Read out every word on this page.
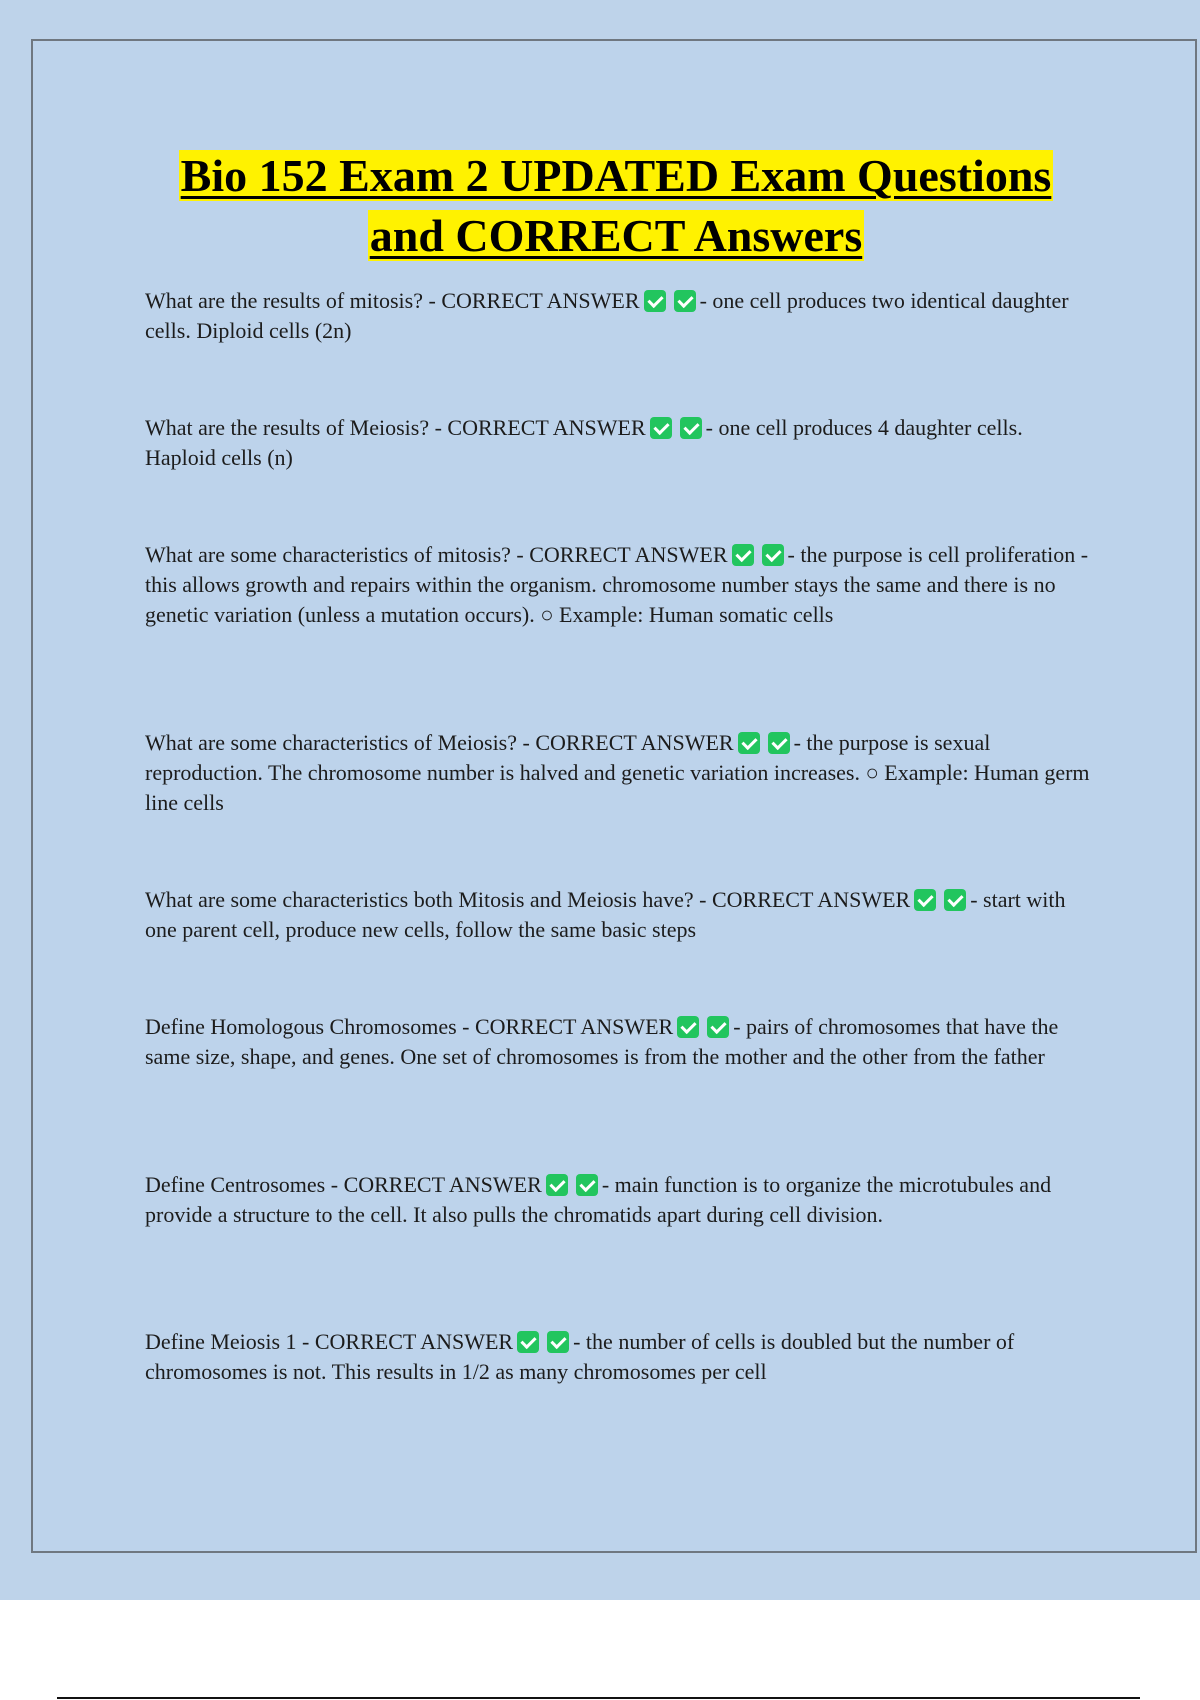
Bio 152 Exam 2 UPDATED Exam Questions
and CORRECT Answers

What are the results of mitosis? - CORRECT ANSWER	- one cell produces two identical daughter cells. Diploid cells (2n)

What are the results of Meiosis? - CORRECT ANSWER	- one cell produces 4 daughter cells. Haploid cells (n)

What are some characteristics of mitosis? - CORRECT ANSWER	- the purpose is cell proliferation - this allows growth and repairs within the organism. chromosome number stays the same and there is no genetic variation (unless a mutation occurs). ○ Example: Human somatic cells

What are some characteristics of Meiosis? - CORRECT ANSWER	- the purpose is sexual reproduction. The chromosome number is halved and genetic variation increases. ○ Example: Human germ line cells

What are some characteristics both Mitosis and Meiosis have? - CORRECT ANSWER	- start with one parent cell, produce new cells, follow the same basic steps

Define Homologous Chromosomes - CORRECT ANSWER	- pairs of chromosomes that have the same size, shape, and genes. One set of chromosomes is from the mother and the other from the father

Define Centrosomes - CORRECT ANSWER	- main function is to organize the microtubules and provide a structure to the cell. It also pulls the chromatids apart during cell division.

Define Meiosis 1 - CORRECT ANSWER	- the number of cells is doubled but the number of chromosomes is not. This results in 1/2 as many chromosomes per cell
